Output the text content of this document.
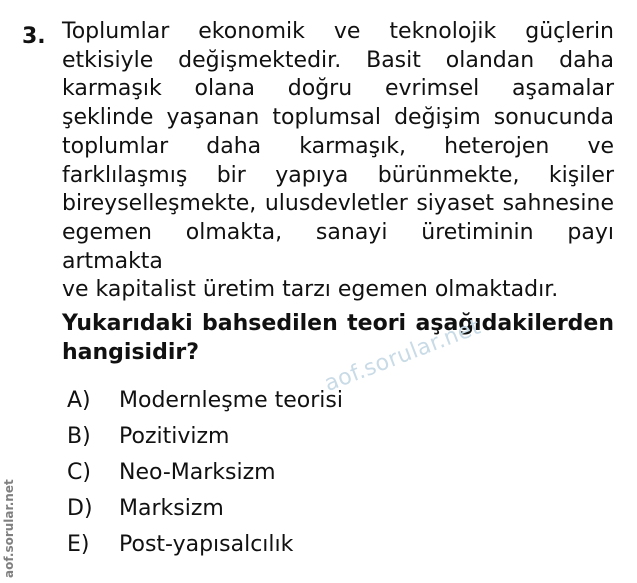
3. Toplumlar ekonomik ve teknolojik güçlerin
etkisiyle değişmektedir. Basit olandan daha
karmaşık olana doğru evrimsel aşamalar
şeklinde yaşanan toplumsal değişim sonucunda
toplumlar daha karmaşık, heterojen ve
farklılaşmış bir yapıya bürünmekte, kişiler
bireyselleşmekte, ulusdevletler siyaset sahnesine
egemen olmakta, sanayi üretiminin payı artmakta
ve kapitalist üretim tarzı egemen olmaktadır.

Yukarıdaki bahsedilen teori aşağıdakilerden
hangisidir?	aof.sorular.net
A)	Modernleşme teorisi
B)	Pozitivizm
C)	Neo-Marksizm
D)	Marksizm
E)	Post-yapısalcılık
aof.sorular.net
